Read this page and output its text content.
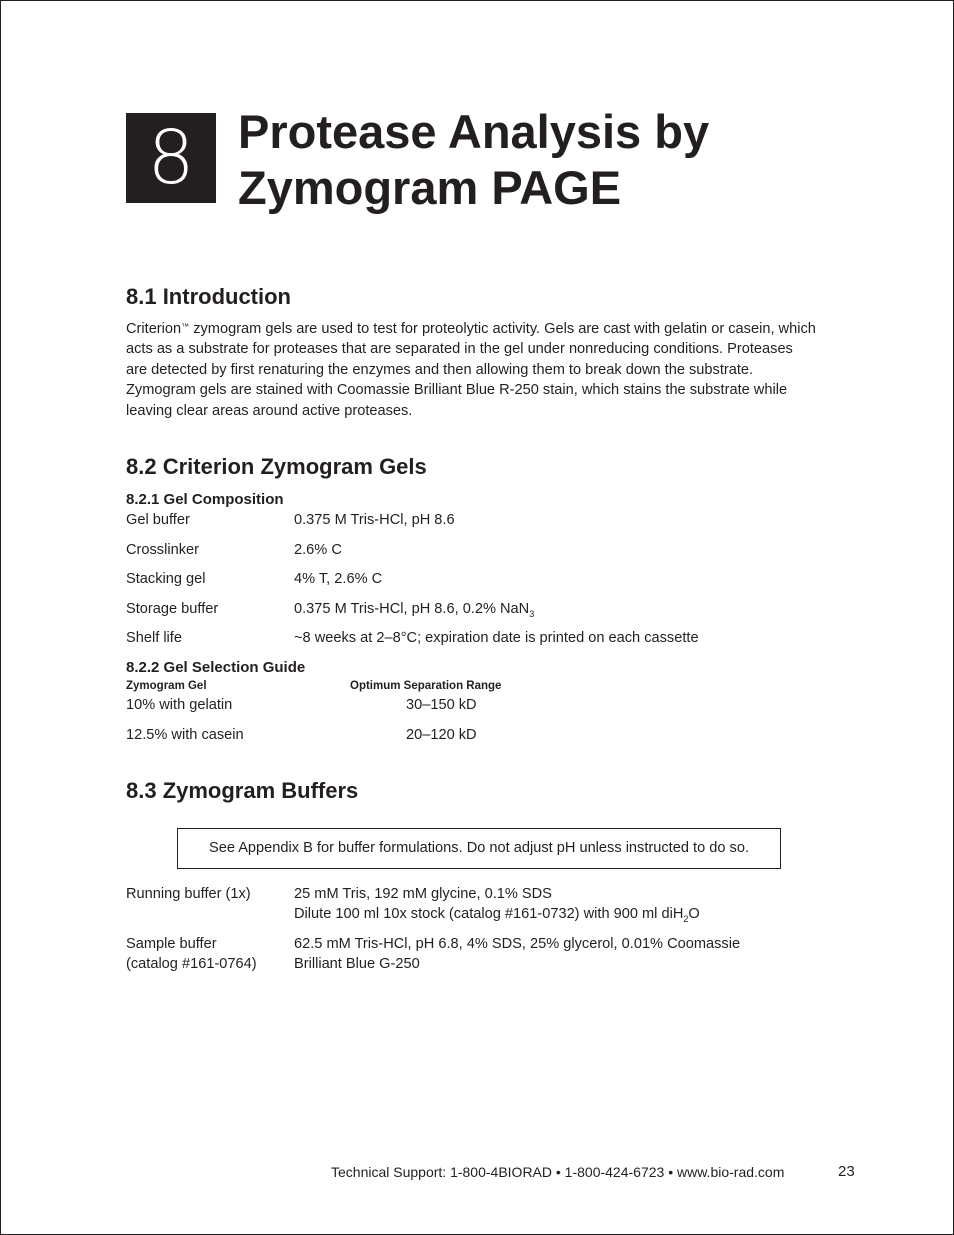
8 Protease Analysis by
Zymogram PAGE
8.1 Introduction

Criterion™ zymogram gels are used to test for proteolytic activity. Gels are cast with gelatin or casein, which acts as a substrate for proteases that are separated in the gel under nonreducing conditions. Proteases are detected by first renaturing the enzymes and then allowing them to break down the substrate. Zymogram gels are stained with Coomassie Brilliant Blue R-250 stain, which stains the substrate while leaving clear areas around active proteases.

8.2 Criterion Zymogram Gels
8.2.1 Gel Composition
Gel buffer	0.375 M Tris-HCl, pH 8.6
Crosslinker	2.6% C
Stacking gel	4% T, 2.6% C
Storage buffer	0.375 M Tris-HCl, pH 8.6, 0.2% NaN$_3$
Shelf life	~8 weeks at 2–8°C; expiration date is printed on each cassette
8.2.2 Gel Selection Guide
Zymogram Gel	Optimum Separation Range
10% with gelatin	30–150 kD
12.5% with casein	20–120 kD
8.3 Zymogram Buffers
See Appendix B for buffer formulations. Do not adjust pH unless instructed to do so.
Running buffer (1x)	25 mM Tris, 192 mM glycine, 0.1% SDS
Dilute 100 ml 10x stock (catalog #161-0732) with 900 ml diH$_2$O
Sample buffer	62.5 mM Tris-HCl, pH 6.8, 4% SDS, 25% glycerol, 0.01% Coomassie
(catalog #161-0764)	Brilliant Blue G-250
Technical Support: 1-800-4BIORAD • 1-800-424-6723 • www.bio-rad.com	23
